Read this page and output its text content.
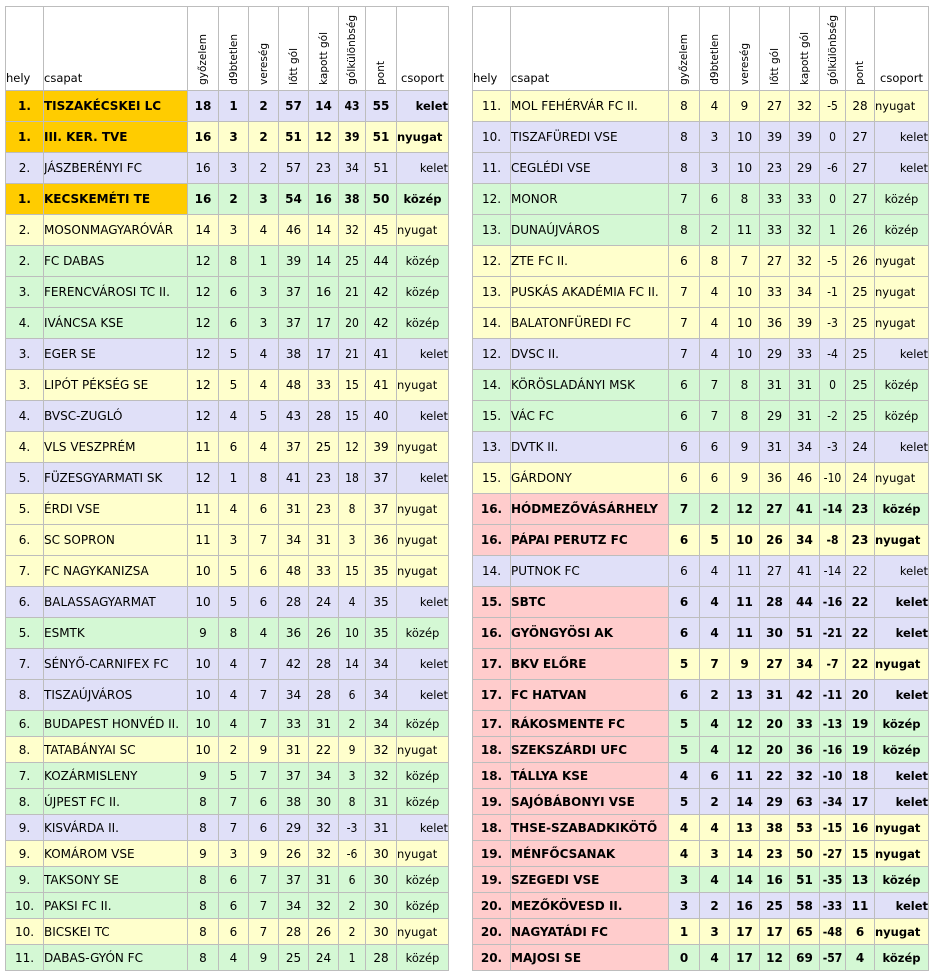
hely	csapat	győzelem	d9btetlen	vereség	lőtt gól	kapott gól	gólkülönbség	pont	csoport
1.	TISZAKÉCSKEI LC	18	1	2	57	14	43	55	kelet
1.	III. KER. TVE	16	3	2	51	12	39	51	nyugat
2.	JÁSZBERÉNYI FC	16	3	2	57	23	34	51	kelet
1.	KECSKEMÉTI TE	16	2	3	54	16	38	50	közép
2.	MOSONMAGYARÓVÁR	14	3	4	46	14	32	45	nyugat
2.	FC DABAS	12	8	1	39	14	25	44	közép
3.	FERENCVÁROSI TC II.	12	6	3	37	16	21	42	közép
4.	IVÁNCSA KSE	12	6	3	37	17	20	42	közép
3.	EGER SE	12	5	4	38	17	21	41	kelet
3.	LIPÓT PÉKSÉG SE	12	5	4	48	33	15	41	nyugat
4.	BVSC-ZUGLÓ	12	4	5	43	28	15	40	kelet
4.	VLS VESZPRÉM	11	6	4	37	25	12	39	nyugat
5.	FÜZESGYARMATI SK	12	1	8	41	23	18	37	kelet
5.	ÉRDI VSE	11	4	6	31	23	8	37	nyugat
6.	SC SOPRON	11	3	7	34	31	3	36	nyugat
7.	FC NAGYKANIZSA	10	5	6	48	33	15	35	nyugat
6.	BALASSAGYARMAT	10	5	6	28	24	4	35	kelet
5.	ESMTK	9	8	4	36	26	10	35	közép
7.	SÉNYŐ-CARNIFEX FC	10	4	7	42	28	14	34	kelet
8.	TISZAÚJVÁROS	10	4	7	34	28	6	34	kelet
6.	BUDAPEST HONVÉD II.	10	4	7	33	31	2	34	közép
8.	TATABÁNYAI SC	10	2	9	31	22	9	32	nyugat
7.	KOZÁRMISLENY	9	5	7	37	34	3	32	közép
8.	ÚJPEST FC II.	8	7	6	38	30	8	31	közép
9.	KISVÁRDA II.	8	7	6	29	32	-3	31	kelet
9.	KOMÁROM VSE	9	3	9	26	32	-6	30	nyugat
9.	TAKSONY SE	8	6	7	37	31	6	30	közép
10.	PAKSI FC II.	8	6	7	34	32	2	30	közép
10.	BICSKEI TC	8	6	7	28	26	2	30	nyugat
11.	DABAS-GYÓN FC	8	4	9	25	24	1	28	közép
hely	csapat	győzelem	d9btetlen	vereség	lőtt gól	kapott gól	gólkülönbség	pont	csoport
11.	MOL FEHÉRVÁR FC II.	8	4	9	27	32	-5	28	nyugat
10.	TISZAFÜREDI VSE	8	3	10	39	39	0	27	kelet
11.	CEGLÉDI VSE	8	3	10	23	29	-6	27	kelet
12.	MONOR	7	6	8	33	33	0	27	közép
13.	DUNAÚJVÁROS	8	2	11	33	32	1	26	közép
12.	ZTE FC II.	6	8	7	27	32	-5	26	nyugat
13.	PUSKÁS AKADÉMIA FC II.	7	4	10	33	34	-1	25	nyugat
14.	BALATONFÜREDI FC	7	4	10	36	39	-3	25	nyugat
12.	DVSC II.	7	4	10	29	33	-4	25	kelet
14.	KÖRÖSLADÁNYI MSK	6	7	8	31	31	0	25	közép
15.	VÁC FC	6	7	8	29	31	-2	25	közép
13.	DVTK II.	6	6	9	31	34	-3	24	kelet
15.	GÁRDONY	6	6	9	36	46	-10	24	nyugat
16.	HÓDMEZŐVÁSÁRHELY	7	2	12	27	41	-14	23	közép
16.	PÁPAI PERUTZ FC	6	5	10	26	34	-8	23	nyugat
14.	PUTNOK FC	6	4	11	27	41	-14	22	kelet
15.	SBTC	6	4	11	28	44	-16	22	kelet
16.	GYÖNGYÖSI AK	6	4	11	30	51	-21	22	kelet
17.	BKV ELŐRE	5	7	9	27	34	-7	22	nyugat
17.	FC HATVAN	6	2	13	31	42	-11	20	kelet
17.	RÁKOSMENTE FC	5	4	12	20	33	-13	19	közép
18.	SZEKSZÁRDI UFC	5	4	12	20	36	-16	19	közép
18.	TÁLLYA KSE	4	6	11	22	32	-10	18	kelet
19.	SAJÓBÁBONYI VSE	5	2	14	29	63	-34	17	kelet
18.	THSE-SZABADKIKÖTŐ	4	4	13	38	53	-15	16	nyugat
19.	MÉNFŐCSANAK	4	3	14	23	50	-27	15	nyugat
19.	SZEGEDI VSE	3	4	14	16	51	-35	13	közép
20.	MEZŐKÖVESD II.	3	2	16	25	58	-33	11	kelet
20.	NAGYATÁDI FC	1	3	17	17	65	-48	6	nyugat
20.	MAJOSI SE	0	4	17	12	69	-57	4	közép
